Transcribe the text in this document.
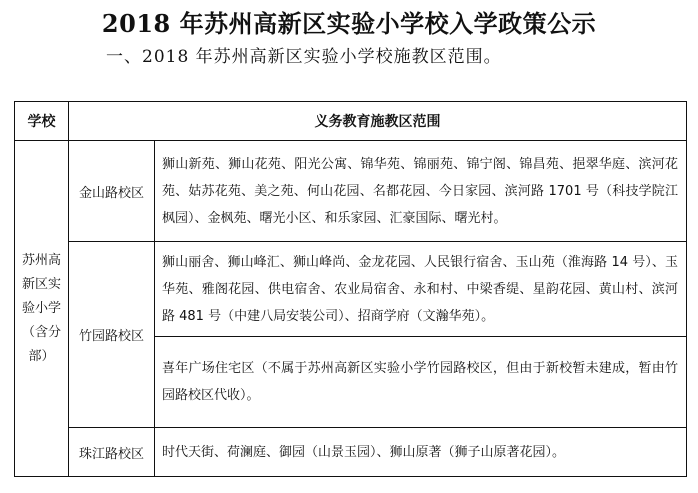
2018 年苏州高新区实验小学校入学政策公示
一、2018 年苏州高新区实验小学校施教区范围。
学校	义务教育施教区范围	
苏州高新区实验小学（含分部）	金山路校区	狮山新苑、狮山花苑、阳光公寓、锦华苑、锦丽苑、锦宁阁、锦昌苑、挹翠华庭、滨河花苑、姑苏花苑、美之苑、何山花园、名都花园、今日家园、滨河路 1701 号（科技学院江枫园）、金枫苑、曙光小区、和乐家园、汇豪国际、曙光村。
	竹园路校区	狮山丽舍、狮山峰汇、狮山峰尚、金龙花园、人民银行宿舍、玉山苑（淮海路 14 号）、玉华苑、雅阁花园、供电宿舍、农业局宿舍、永和村、中梁香缇、星韵花园、黄山村、滨河路 481 号（中建八局安装公司）、招商学府（文瀚华苑）。
		喜年广场住宅区（不属于苏州高新区实验小学竹园路校区，但由于新校暂未建成，暂由竹园路校区代收）。
	珠江路校区	时代天街、荷澜庭、御园（山景玉园）、狮山原著（狮子山原著花园）。
